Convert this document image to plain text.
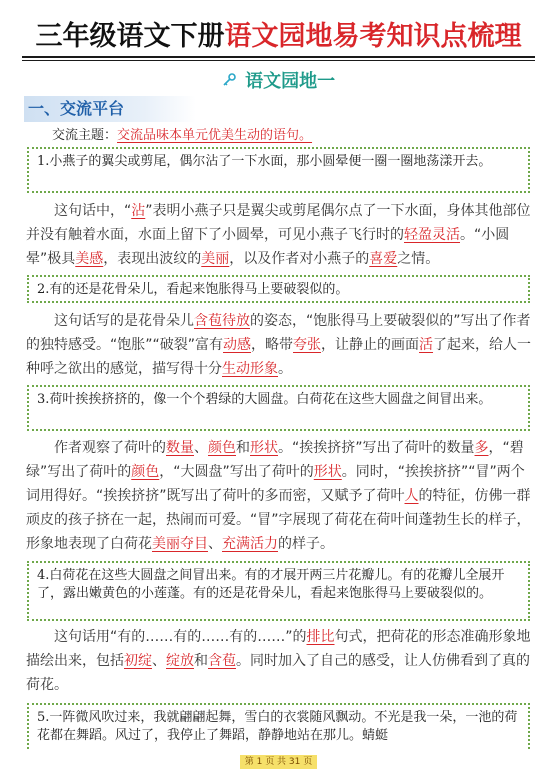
三年级语文下册语文园地易考知识点梳理
语文园地一
一、交流平台
交流主题：交流品味本单元优美生动的语句。
1.小燕子的翼尖或剪尾，偶尔沾了一下水面，那小圆晕便一圈一圈地荡漾开去。
这句话中，“沾”表明小燕子只是翼尖或剪尾偶尔点了一下水面，身体其他部位并没有触着水面，水面上留下了小圆晕，可见小燕子飞行时的轻盈灵活。“小圆晕”极具美感，表现出波纹的美丽，以及作者对小燕子的喜爱之情。
2.有的还是花骨朵儿，看起来饱胀得马上要破裂似的。
这句话写的是花骨朵儿含苞待放的姿态，“饱胀得马上要破裂似的”写出了作者的独特感受。“饱胀”“破裂”富有动感，略带夸张，让静止的画面活了起来，给人一种呼之欲出的感觉，描写得十分生动形象。
3.荷叶挨挨挤挤的，像一个个碧绿的大圆盘。白荷花在这些大圆盘之间冒出来。
作者观察了荷叶的数量、颜色和形状。“挨挨挤挤”写出了荷叶的数量多，“碧绿”写出了荷叶的颜色，“大圆盘”写出了荷叶的形状。同时，“挨挨挤挤”“冒”两个词用得好。“挨挨挤挤”既写出了荷叶的多而密，又赋予了荷叶人的特征，仿佛一群顽皮的孩子挤在一起，热闹而可爱。“冒”字展现了荷花在荷叶间蓬勃生长的样子，形象地表现了白荷花美丽夺目、充满活力的样子。
4.白荷花在这些大圆盘之间冒出来。有的才展开两三片花瓣儿。有的花瓣儿全展开了，露出嫩黄色的小莲蓬。有的还是花骨朵儿，看起来饱胀得马上要破裂似的。
这句话用“有的……有的……有的……”的排比句式，把荷花的形态准确形象地描绘出来，包括初绽、绽放和含苞。同时加入了自己的感受，让人仿佛看到了真的荷花。
5.一阵微风吹过来，我就翩翩起舞，雪白的衣裳随风飘动。不光是我一朵，一池的荷花都在舞蹈。风过了，我停止了舞蹈，静静地站在那儿。蜻蜓
第 1 页 共 31 页
